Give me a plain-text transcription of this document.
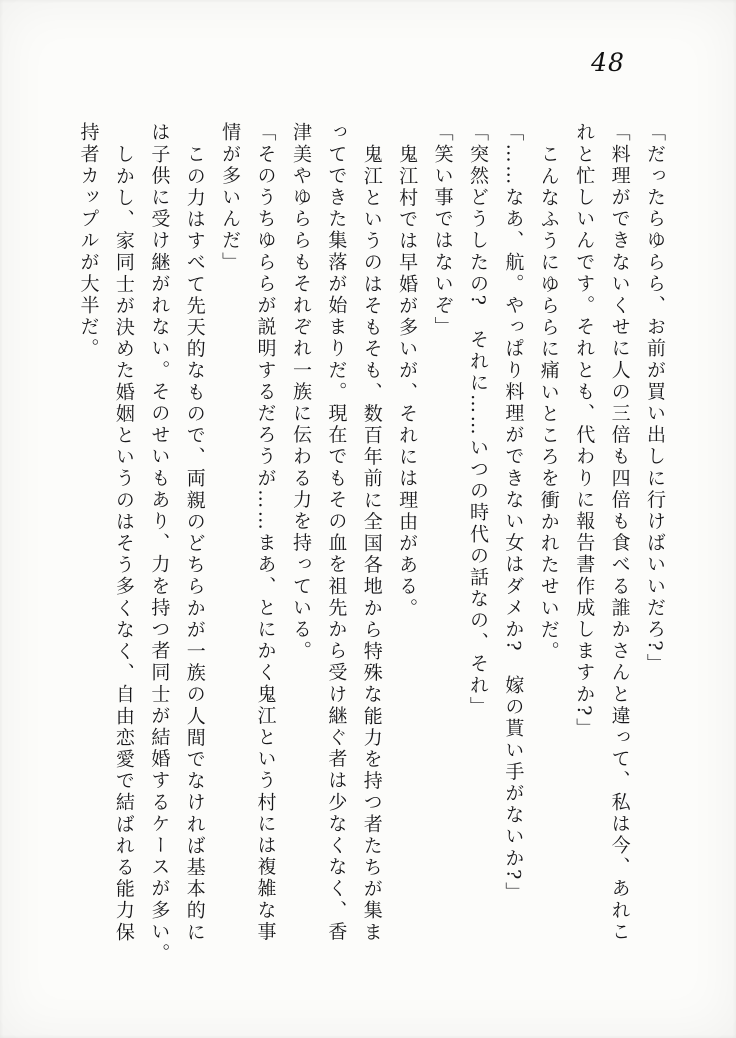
48

「だったらゆらら、お前が買い出しに行けばいいだろ?」

「料理ができないくせに人の三倍も四倍も食べる誰かさんと違って、私は今、あれこ

れと忙しいんです。それとも、代わりに報告書作成しますか?」

こんなふうにゆららに痛いところを衝かれたせいだ。

「……なあ、航。やっぱり料理ができない女はダメか?　嫁の貰い手がないか?」

「突然どうしたの?　それに……いつの時代の話なの、それ」

「笑い事ではないぞ」

鬼江村では早婚が多いが、それには理由がある。

鬼江というのはそもそも、数百年前に全国各地から特殊な能力を持つ者たちが集ま

ってできた集落が始まりだ。現在でもその血を祖先から受け継ぐ者は少なくなく、香

津美やゆららもそれぞれ一族に伝わる力を持っている。

「そのうちゆららが説明するだろうが……まあ、とにかく鬼江という村には複雑な事

情が多いんだ」

この力はすべて先天的なもので、両親のどちらかが一族の人間でなければ基本的に

は子供に受け継がれない。そのせいもあり、力を持つ者同士が結婚するケースが多い。

しかし、家同士が決めた婚姻というのはそう多くなく、自由恋愛で結ばれる能力保

持者カップルが大半だ。
